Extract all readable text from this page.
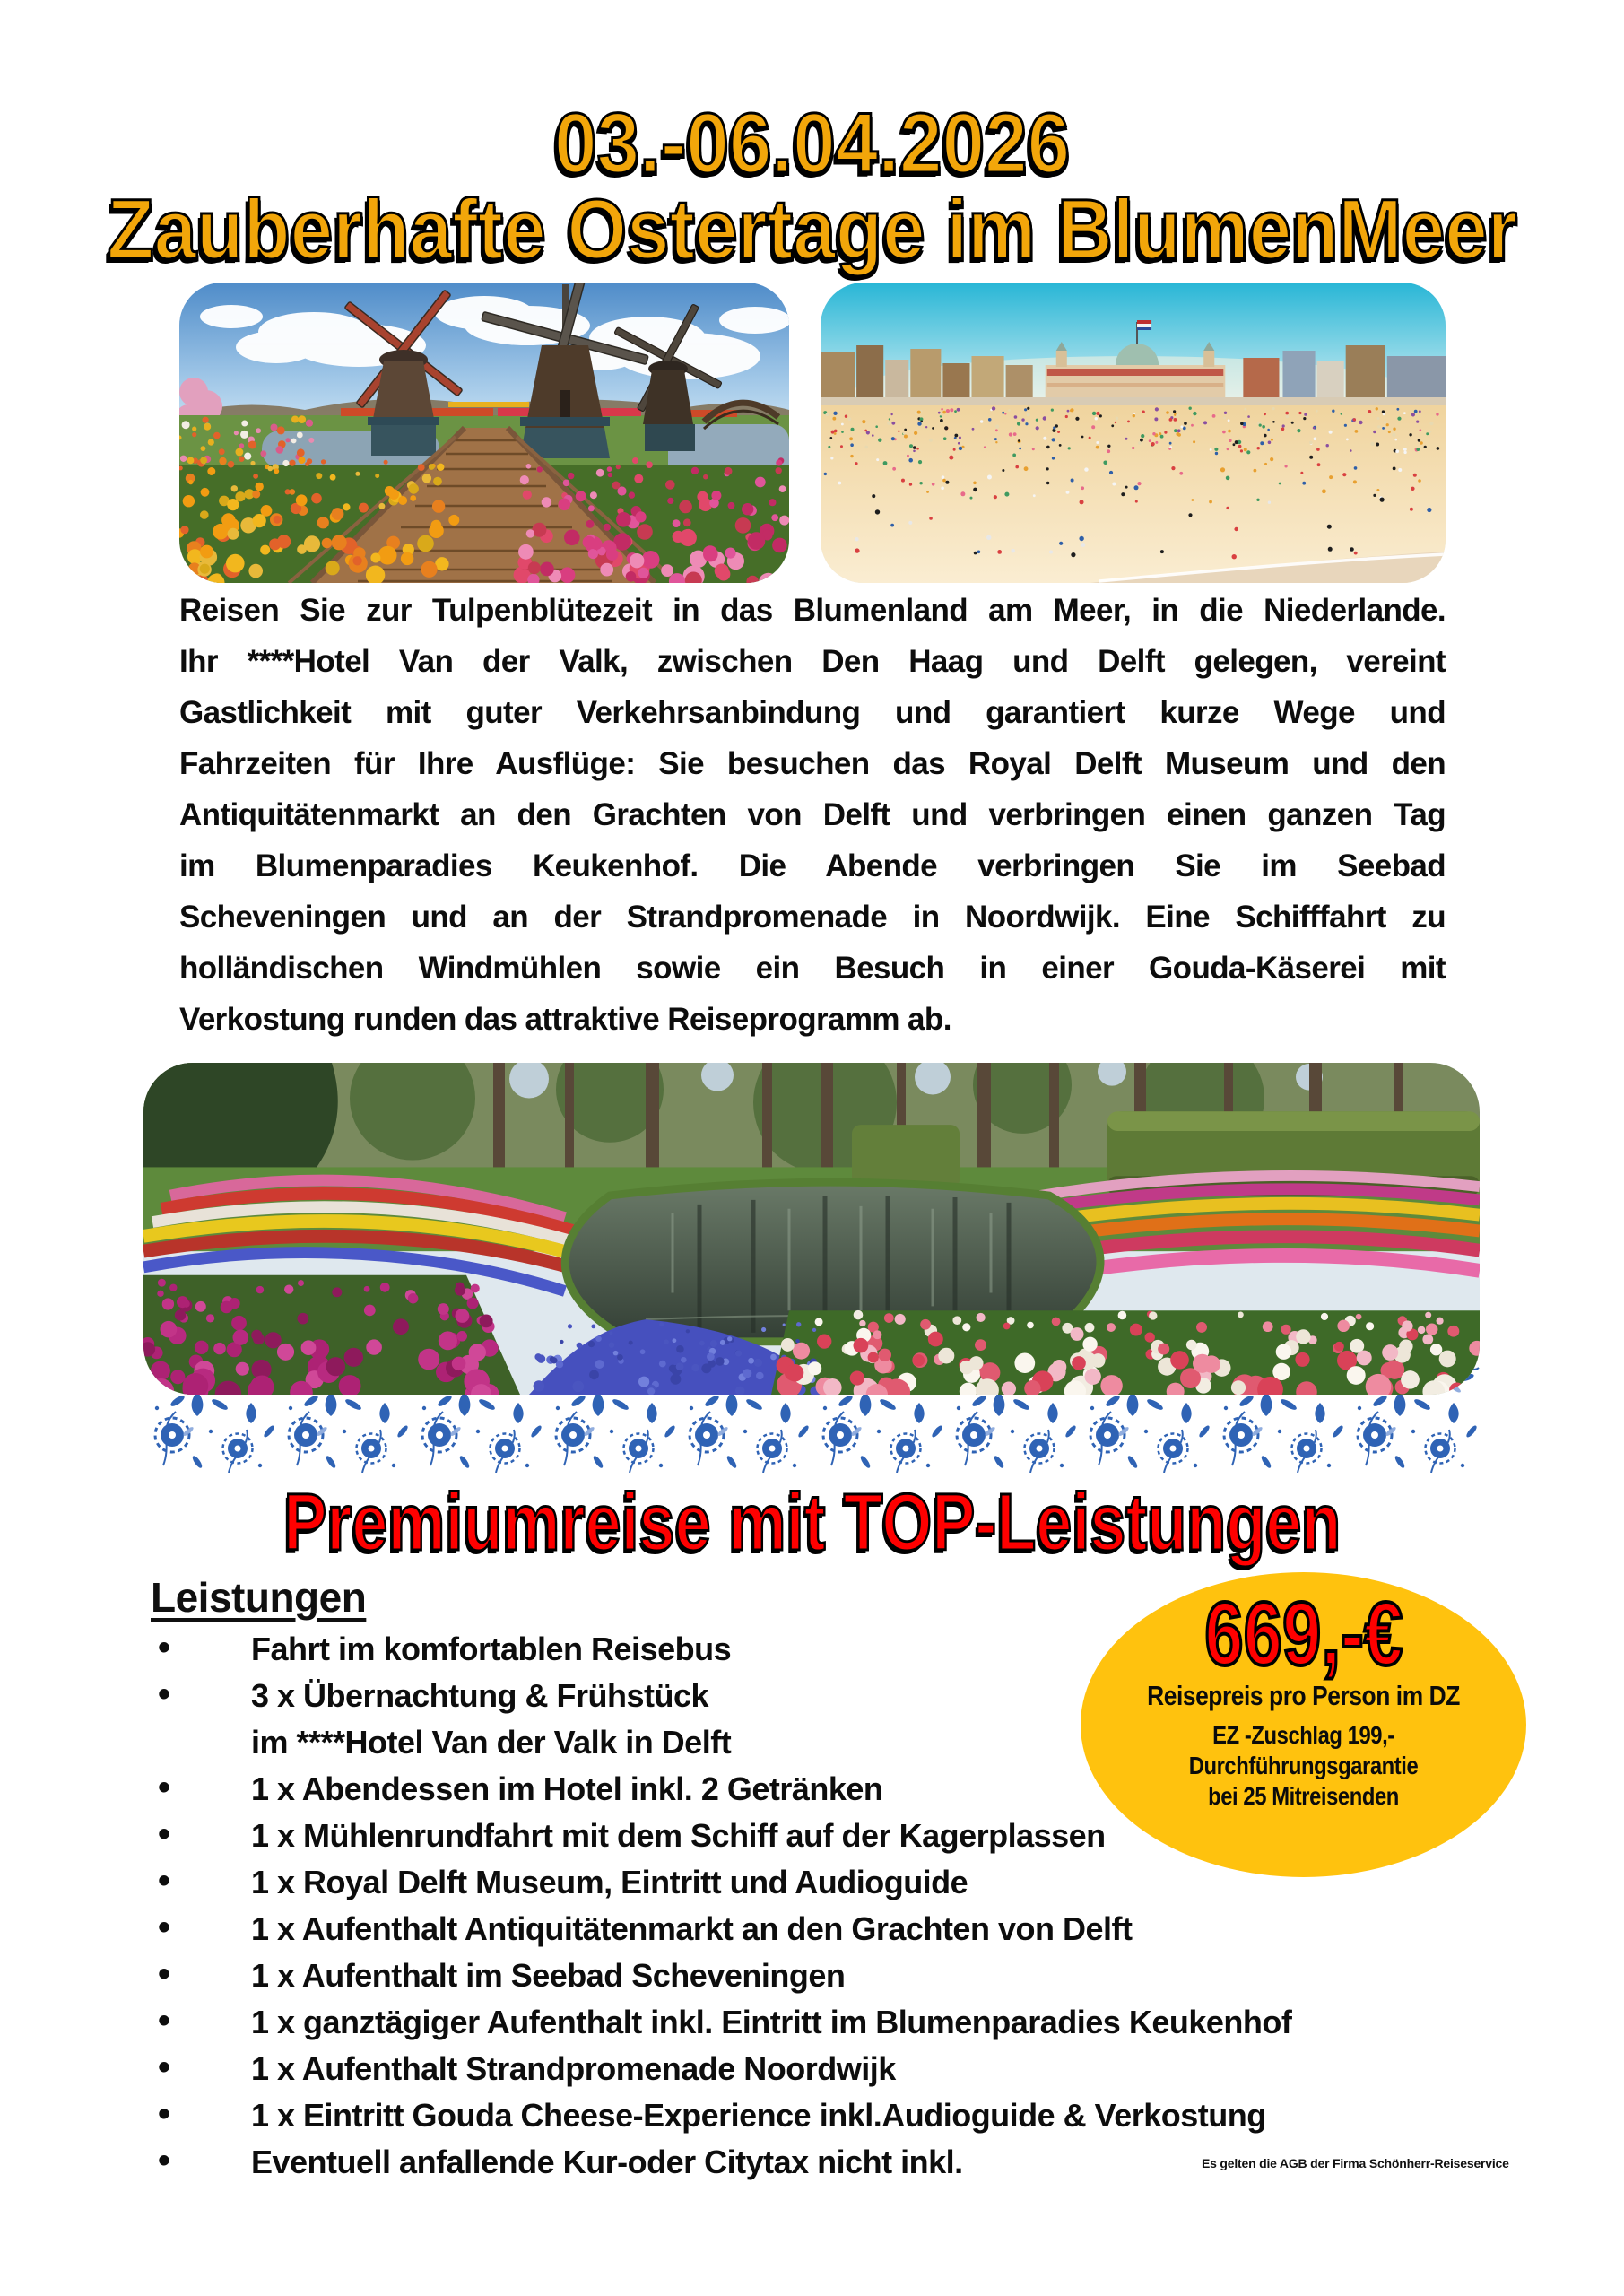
03.-06.04.2026
Zauberhafte Ostertage im BlumenMeer
Reisen Sie zur Tulpenblütezeit in das Blumenland am Meer, in die Niederlande.
Ihr ****Hotel Van der Valk, zwischen Den Haag und Delft gelegen, vereint
Gastlichkeit mit guter Verkehrsanbindung und garantiert kurze Wege und
Fahrzeiten für Ihre Ausflüge: Sie besuchen das Royal Delft Museum und den
Antiquitätenmarkt an den Grachten von Delft und verbringen einen ganzen Tag
im Blumenparadies Keukenhof. Die Abende verbringen Sie im Seebad
Scheveningen und an der Strandpromenade in Noordwijk. Eine Schifffahrt zu
holländischen Windmühlen sowie ein Besuch in einer Gouda-Käserei mit
Verkostung runden das attraktive Reiseprogramm ab.
Premiumreise mit TOP-Leistungen
Leistungen
•	Fahrt im komfortablen Reisebus
•	3 x Übernachtung & Frühstück
im ****Hotel Van der Valk in Delft
•	1 x Abendessen im Hotel inkl. 2 Getränken
•	1 x Mühlenrundfahrt mit dem Schiff auf der Kagerplassen
•	1 x Royal Delft Museum, Eintritt und Audioguide
•	1 x Aufenthalt Antiquitätenmarkt an den Grachten von Delft
•	1 x Aufenthalt im Seebad Scheveningen
•	1 x ganztägiger Aufenthalt inkl. Eintritt im Blumenparadies Keukenhof
•	1 x Aufenthalt Strandpromenade Noordwijk
•	1 x Eintritt Gouda Cheese-Experience inkl.Audioguide & Verkostung
•	Eventuell anfallende Kur-oder Citytax nicht inkl.
669,-€
Reisepreis pro Person im DZ
EZ -Zuschlag 199,-
Durchführungsgarantie
bei 25 Mitreisenden
Es gelten die AGB der Firma Schönherr-Reiseservice
